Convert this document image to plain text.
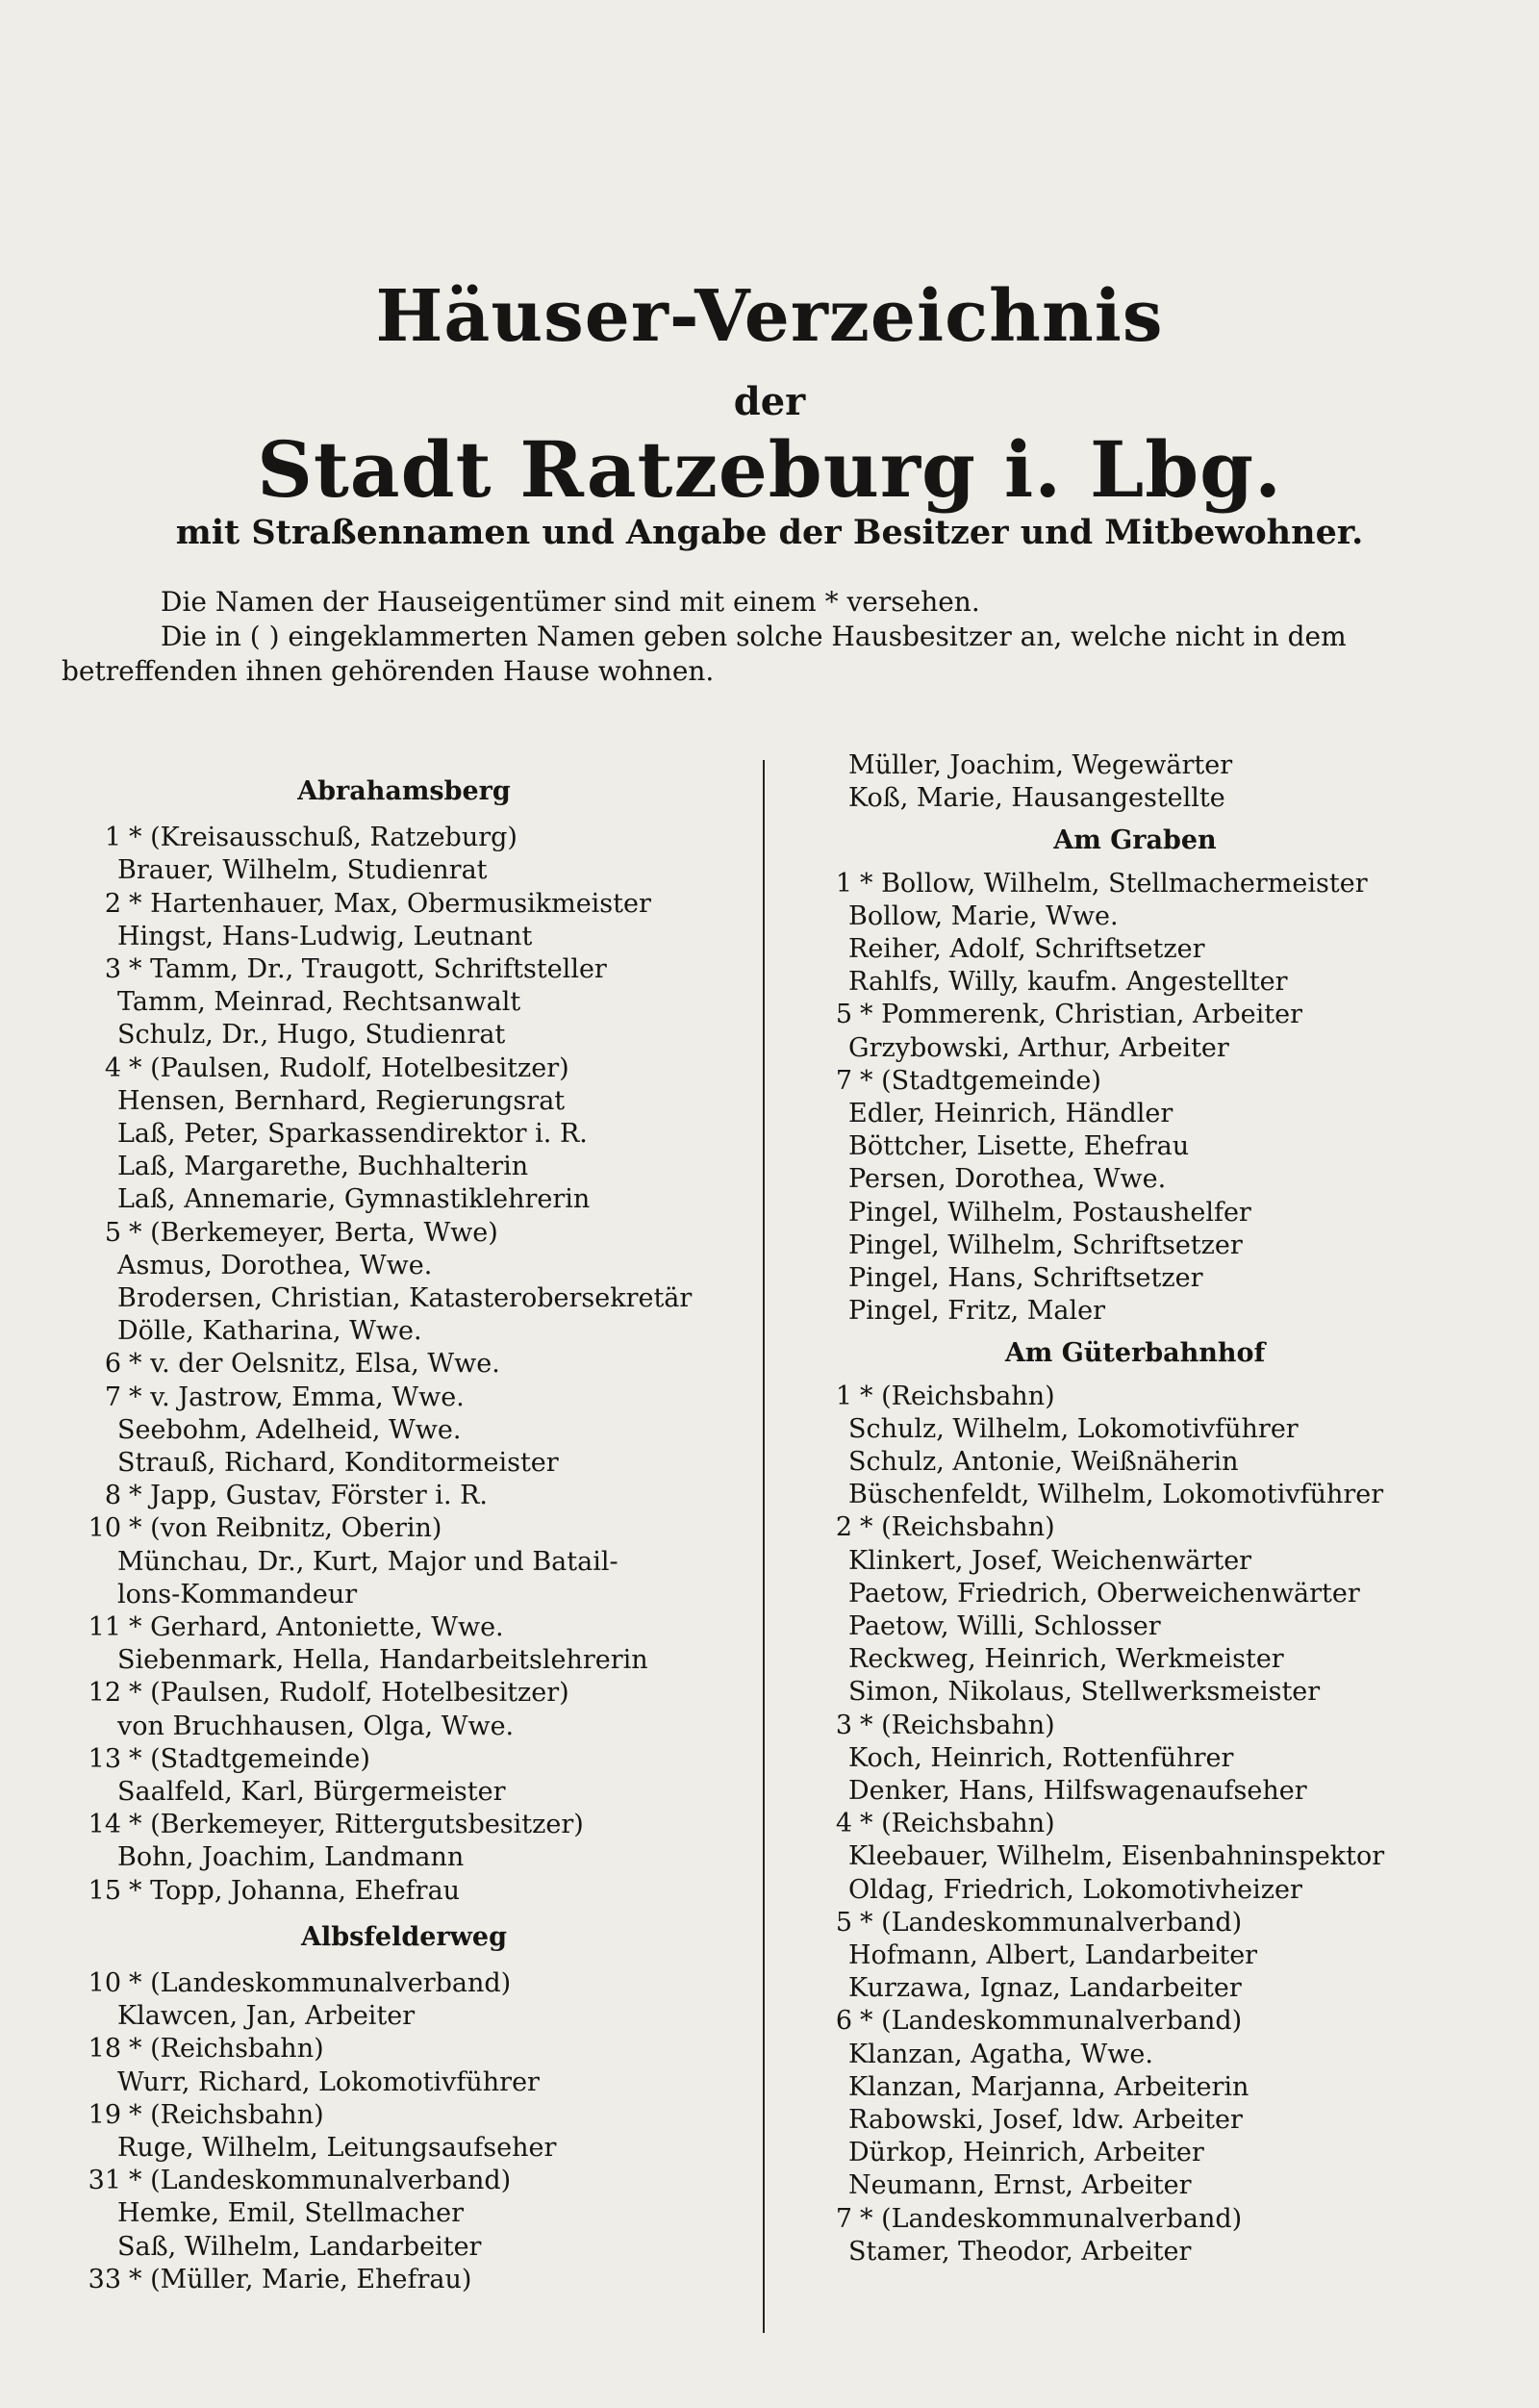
Häuser-Verzeichnis
der
Stadt Ratzeburg i. Lbg.
mit Straßennamen und Angabe der Besitzer und Mitbewohner.

Die Namen der Hauseigentümer sind mit einem * versehen.

Die in ( ) eingeklammerten Namen geben solche Hausbesitzer an, welche nicht in dem

betreffenden ihnen gehörenden Hause wohnen.

Abrahamsberg
1 * (Kreisausschuß, Ratzeburg)
Brauer, Wilhelm, Studienrat
2 * Hartenhauer, Max, Obermusikmeister
Hingst, Hans-Ludwig, Leutnant
3 * Tamm, Dr., Traugott, Schriftsteller
Tamm, Meinrad, Rechtsanwalt
Schulz, Dr., Hugo, Studienrat
4 * (Paulsen, Rudolf, Hotelbesitzer)
Hensen, Bernhard, Regierungsrat
Laß, Peter, Sparkassendirektor i. R.
Laß, Margarethe, Buchhalterin
Laß, Annemarie, Gymnastiklehrerin
5 * (Berkemeyer, Berta, Wwe)
Asmus, Dorothea, Wwe.
Brodersen, Christian, Katasterobersekretär
Dölle, Katharina, Wwe.
6 * v. der Oelsnitz, Elsa, Wwe.
7 * v. Jastrow, Emma, Wwe.
Seebohm, Adelheid, Wwe.
Strauß, Richard, Konditormeister
8 * Japp, Gustav, Förster i. R.
10 * (von Reibnitz, Oberin)
Münchau, Dr., Kurt, Major und Batail-
lons-Kommandeur
11 * Gerhard, Antoniette, Wwe.
Siebenmark, Hella, Handarbeitslehrerin
12 * (Paulsen, Rudolf, Hotelbesitzer)
von Bruchhausen, Olga, Wwe.
13 * (Stadtgemeinde)
Saalfeld, Karl, Bürgermeister
14 * (Berkemeyer, Rittergutsbesitzer)
Bohn, Joachim, Landmann
15 * Topp, Johanna, Ehefrau
Albsfelderweg
10 * (Landeskommunalverband)
Klawcen, Jan, Arbeiter
18 * (Reichsbahn)
Wurr, Richard, Lokomotivführer
19 * (Reichsbahn)
Ruge, Wilhelm, Leitungsaufseher
31 * (Landeskommunalverband)
Hemke, Emil, Stellmacher
Saß, Wilhelm, Landarbeiter
33 * (Müller, Marie, Ehefrau)
Müller, Joachim, Wegewärter
Koß, Marie, Hausangestellte
Am Graben
1 * Bollow, Wilhelm, Stellmachermeister
Bollow, Marie, Wwe.
Reiher, Adolf, Schriftsetzer
Rahlfs, Willy, kaufm. Angestellter
5 * Pommerenk, Christian, Arbeiter
Grzybowski, Arthur, Arbeiter
7 * (Stadtgemeinde)
Edler, Heinrich, Händler
Böttcher, Lisette, Ehefrau
Persen, Dorothea, Wwe.
Pingel, Wilhelm, Postaushelfer
Pingel, Wilhelm, Schriftsetzer
Pingel, Hans, Schriftsetzer
Pingel, Fritz, Maler
Am Güterbahnhof
1 * (Reichsbahn)
Schulz, Wilhelm, Lokomotivführer
Schulz, Antonie, Weißnäherin
Büschenfeldt, Wilhelm, Lokomotivführer
2 * (Reichsbahn)
Klinkert, Josef, Weichenwärter
Paetow, Friedrich, Oberweichenwärter
Paetow, Willi, Schlosser
Reckweg, Heinrich, Werkmeister
Simon, Nikolaus, Stellwerksmeister
3 * (Reichsbahn)
Koch, Heinrich, Rottenführer
Denker, Hans, Hilfswagenaufseher
4 * (Reichsbahn)
Kleebauer, Wilhelm, Eisenbahninspektor
Oldag, Friedrich, Lokomotivheizer
5 * (Landeskommunalverband)
Hofmann, Albert, Landarbeiter
Kurzawa, Ignaz, Landarbeiter
6 * (Landeskommunalverband)
Klanzan, Agatha, Wwe.
Klanzan, Marjanna, Arbeiterin
Rabowski, Josef, ldw. Arbeiter
Dürkop, Heinrich, Arbeiter
Neumann, Ernst, Arbeiter
7 * (Landeskommunalverband)
Stamer, Theodor, Arbeiter
